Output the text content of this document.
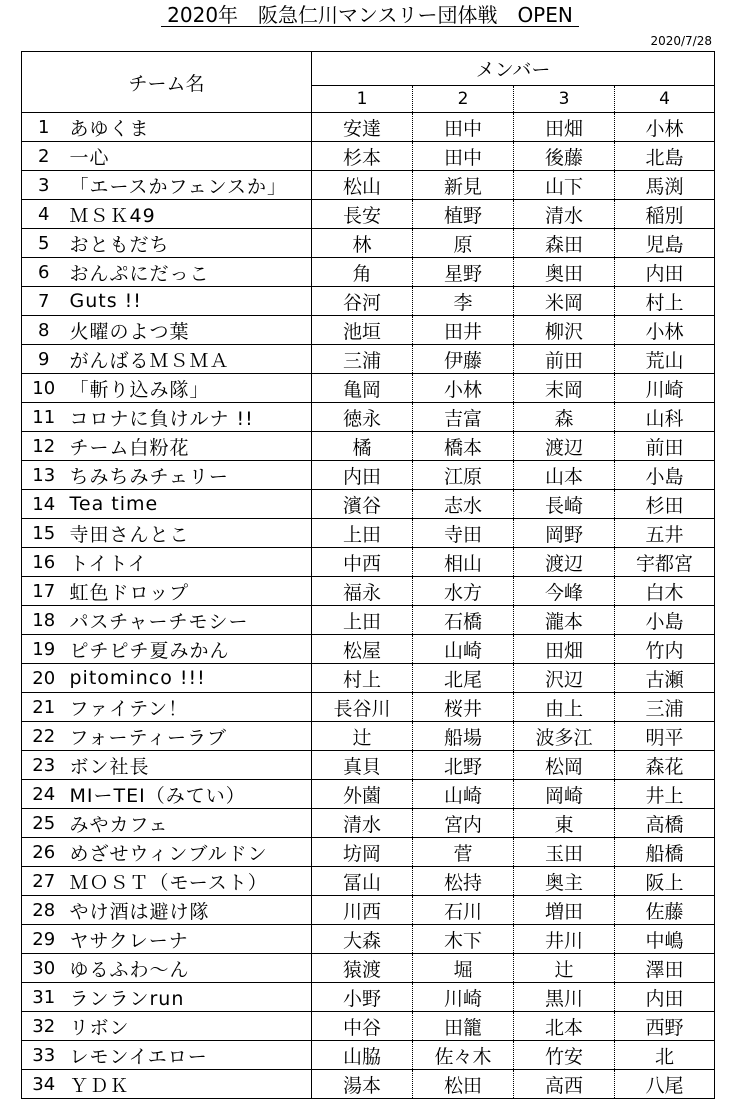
2020年　阪急仁川マンスリー団体戦　OPEN
2020/7/28
チーム名		メンバー			
		1	2	3	4
1	あゆくま	安達	田中	田畑	小林
2	一心	杉本	田中	後藤	北島
3	「エースかフェンスか」	松山	新見	山下	馬渕
4	ＭＳＫ49	長安	植野	清水	稲別
5	おともだち	林	原	森田	児島
6	おんぷにだっこ	角	星野	奥田	内田
7	Guts !!	谷河	李	米岡	村上
8	火曜のよつ葉	池垣	田井	柳沢	小林
9	がんばるＭＳＭＡ	三浦	伊藤	前田	荒山
10	「斬り込み隊」	亀岡	小林	末岡	川崎
11	コロナに負けルナ !!	徳永	吉富	森	山科
12	チーム白粉花	橘	橋本	渡辺	前田
13	ちみちみチェリー	内田	江原	山本	小島
14	Tea time	濱谷	志水	長崎	杉田
15	寺田さんとこ	上田	寺田	岡野	五井
16	トイトイ	中西	相山	渡辺	宇都宮
17	虹色ドロップ	福永	水方	今峰	白木
18	パスチャーチモシー	上田	石橋	瀧本	小島
19	ピチピチ夏みかん	松屋	山崎	田畑	竹内
20	pitominco !!!	村上	北尾	沢辺	古瀬
21	ファイテン！	長谷川	桜井	由上	三浦
22	フォーティーラブ	辻	船場	波多江	明平
23	ボン社長	真貝	北野	松岡	森花
24	MIーTEI（みてい）	外薗	山崎	岡崎	井上
25	みやカフェ	清水	宮内	東	高橋
26	めざせウィンブルドン	坊岡	菅	玉田	船橋
27	ＭＯＳＴ（モースト）	冨山	松持	奥主	阪上
28	やけ酒は避け隊	川西	石川	増田	佐藤
29	ヤサクレーナ	大森	木下	井川	中嶋
30	ゆるふわ～ん	猿渡	堀	辻	澤田
31	ランランrun	小野	川崎	黒川	内田
32	リボン	中谷	田籠	北本	西野
33	レモンイエロー	山脇	佐々木	竹安	北
34	ＹＤＫ	湯本	松田	高西	八尾
